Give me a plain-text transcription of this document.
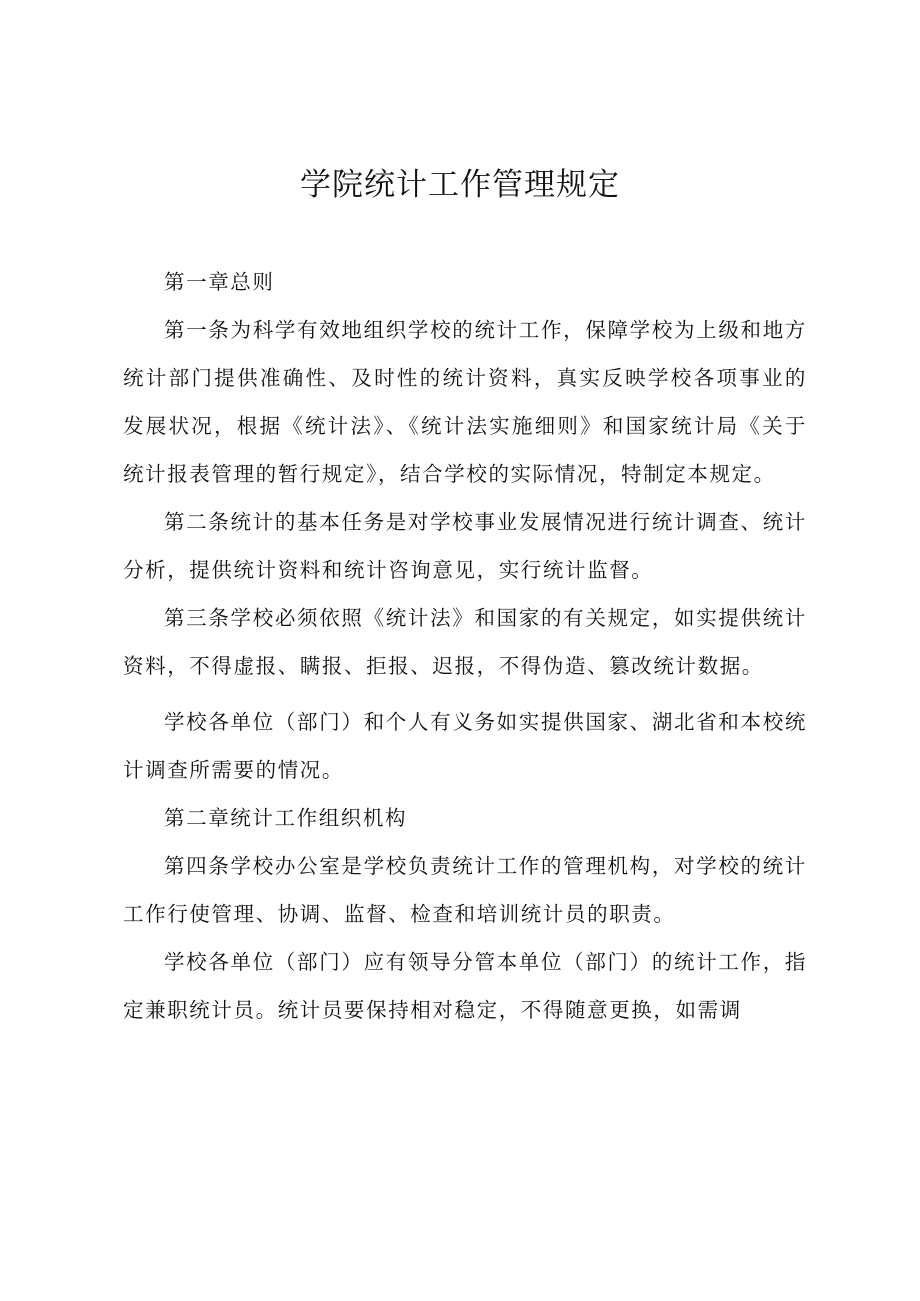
学院统计工作管理规定

第一章总则

第一条为科学有效地组织学校的统计工作，保障学校为上级和地方统计部门提供准确性、及时性的统计资料，真实反映学校各项事业的发展状况，根据《统计法》、《统计法实施细则》和国家统计局《关于统计报表管理的暂行规定》，结合学校的实际情况，特制定本规定。

第二条统计的基本任务是对学校事业发展情况进行统计调查、统计分析，提供统计资料和统计咨询意见，实行统计监督。

第三条学校必须依照《统计法》和国家的有关规定，如实提供统计资料，不得虚报、瞒报、拒报、迟报，不得伪造、篡改统计数据。

学校各单位（部门）和个人有义务如实提供国家、湖北省和本校统计调查所需要的情况。

第二章统计工作组织机构

第四条学校办公室是学校负责统计工作的管理机构，对学校的统计工作行使管理、协调、监督、检查和培训统计员的职责。

学校各单位（部门）应有领导分管本单位（部门）的统计工作，指定兼职统计员。统计员要保持相对稳定，不得随意更换，如需调
